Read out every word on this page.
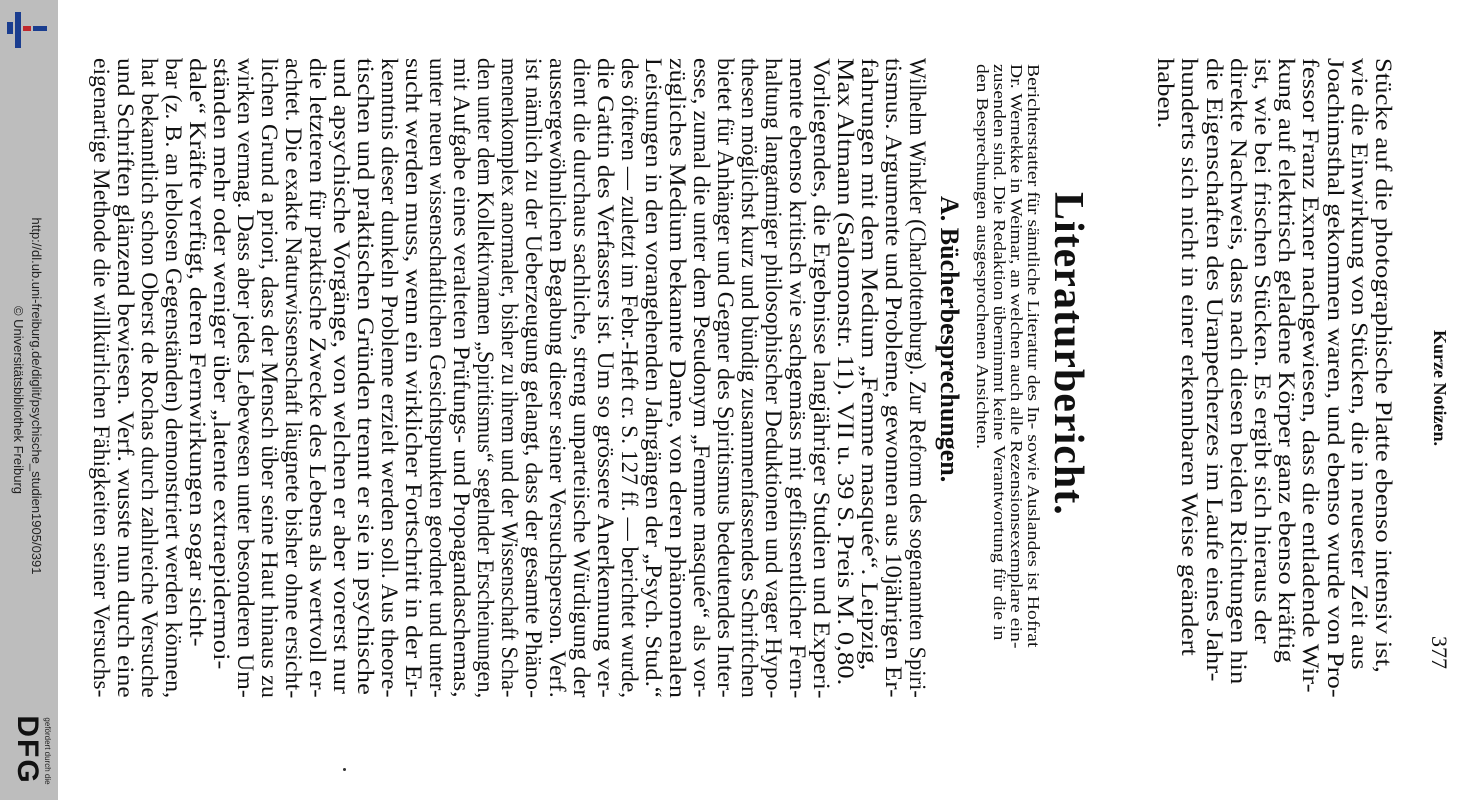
http://dl.ub.uni-freiburg.de/diglit/psychische_studien1905/0391
© Universitätsbibliothek Freiburg
gefördert durch die
DFG
Kurze Notizen.
377
Stücke auf die photographische Platte ebenso intensiv ist,
wie die Einwirkung von Stücken, die in neuester Zeit aus
Joachimsthal gekommen waren, und ebenso wurde von Pro-
fessor Franz Exner nachgewiesen, dass die entladende Wir-
kung auf elektrisch geladene Körper ganz ebenso kräftig
ist, wie bei frischen Stücken. Es ergibt sich hieraus der
direkte Nachweis, dass nach diesen beiden Richtungen hin
die Eigenschaften des Uranpecherzes im Laufe eines Jahr-
hunderts sich nicht in einer erkennbaren Weise geändert
haben.
Literaturbericht.
Berichterstatter für sämtliche Literatur des In- sowie Auslandes ist Hofrat
Dr. Wernekke in Weimar, an welchen auch alle Rezensionsexemplare ein-
zusenden sind. Die Redaktion übernimmt keine Verantwortung für die in
den Besprechungen ausgesprochenen Ansichten.
A. Bücherbesprechungen.
Wilhelm Winkler (Charlottenburg). Zur Reform des sogenannten Spiri-
tismus. Argumente und Probleme, gewonnen aus 10jährigen Er-
fahrungen mit dem Medium „Femme masquée“. Leipzig,
Max Altmann (Salomonstr. 11). VII u. 39 S. Preis M. 0,80.
Vorliegendes, die Ergebnisse langjähriger Studien und Experi-
mente ebenso kritisch wie sachgemäss mit geflissentlicher Fern-
haltung langatmiger philosophischer Deduktionen und vager Hypo-
thesen möglichst kurz und bündig zusammenfassendes Schriftchen
bietet für Anhänger und Gegner des Spiritismus bedeutendes Inter-
esse, zumal die unter dem Pseudonym „Femme masquée“ als vor-
zügliches Medium bekannte Dame, von deren phänomenalen
Leistungen in den vorangehenden Jahrgängen der „Psych. Stud.“
des öfteren — zuletzt im Febr.-Heft cr. S. 127 ff. — berichtet wurde,
die Gattin des Verfassers ist. Um so grössere Anerkennung ver-
dient die durchaus sachliche, streng unparteiische Würdigung der
aussergewöhnlichen Begabung dieser seiner Versuchsperson. Verf.
ist nämlich zu der Ueberzeugung gelangt, dass der gesamte Phäno-
menenkomplex anormaler, bisher zu ihrem und der Wissenschaft Scha-
den unter dem Kollektivnamen „Spiritismus“ segelnder Erscheinungen,
mit Aufgabe eines veralteten Prüfungs- und Propagandaschemas,
unter neuen wissenschaftlichen Gesichtspunkten geordnet und unter-
sucht werden muss, wenn ein wirklicher Fortschritt in der Er-
kenntnis dieser dunkeln Probleme erzielt werden soll. Aus theore-
tischen und praktischen Gründen trennt er sie in psychische
und apsychische Vorgänge, von welchen er aber vorerst nur
die letzteren für praktische Zwecke des Lebens als wertvoll er-
achtet. Die exakte Naturwissenschaft läugnete bisher ohne ersicht-
lichen Grund a priori, dass der Mensch über seine Haut hinaus zu
wirken vermag. Dass aber jedes Lebewesen unter besonderen Um-
ständen mehr oder weniger über „latente extraepidermoi-
dale“ Kräfte verfügt, deren Fernwirkungen sogar sicht-
bar (z. B. an leblosen Gegenständen) demonstriert werden können,
hat bekanntlich schon Oberst de Rochas durch zahlreiche Versuche
und Schriften glänzend bewiesen. Verf. wusste nun durch eine
eigenartige Methode die willkürlichen Fähigkeiten seiner Versuchs-
